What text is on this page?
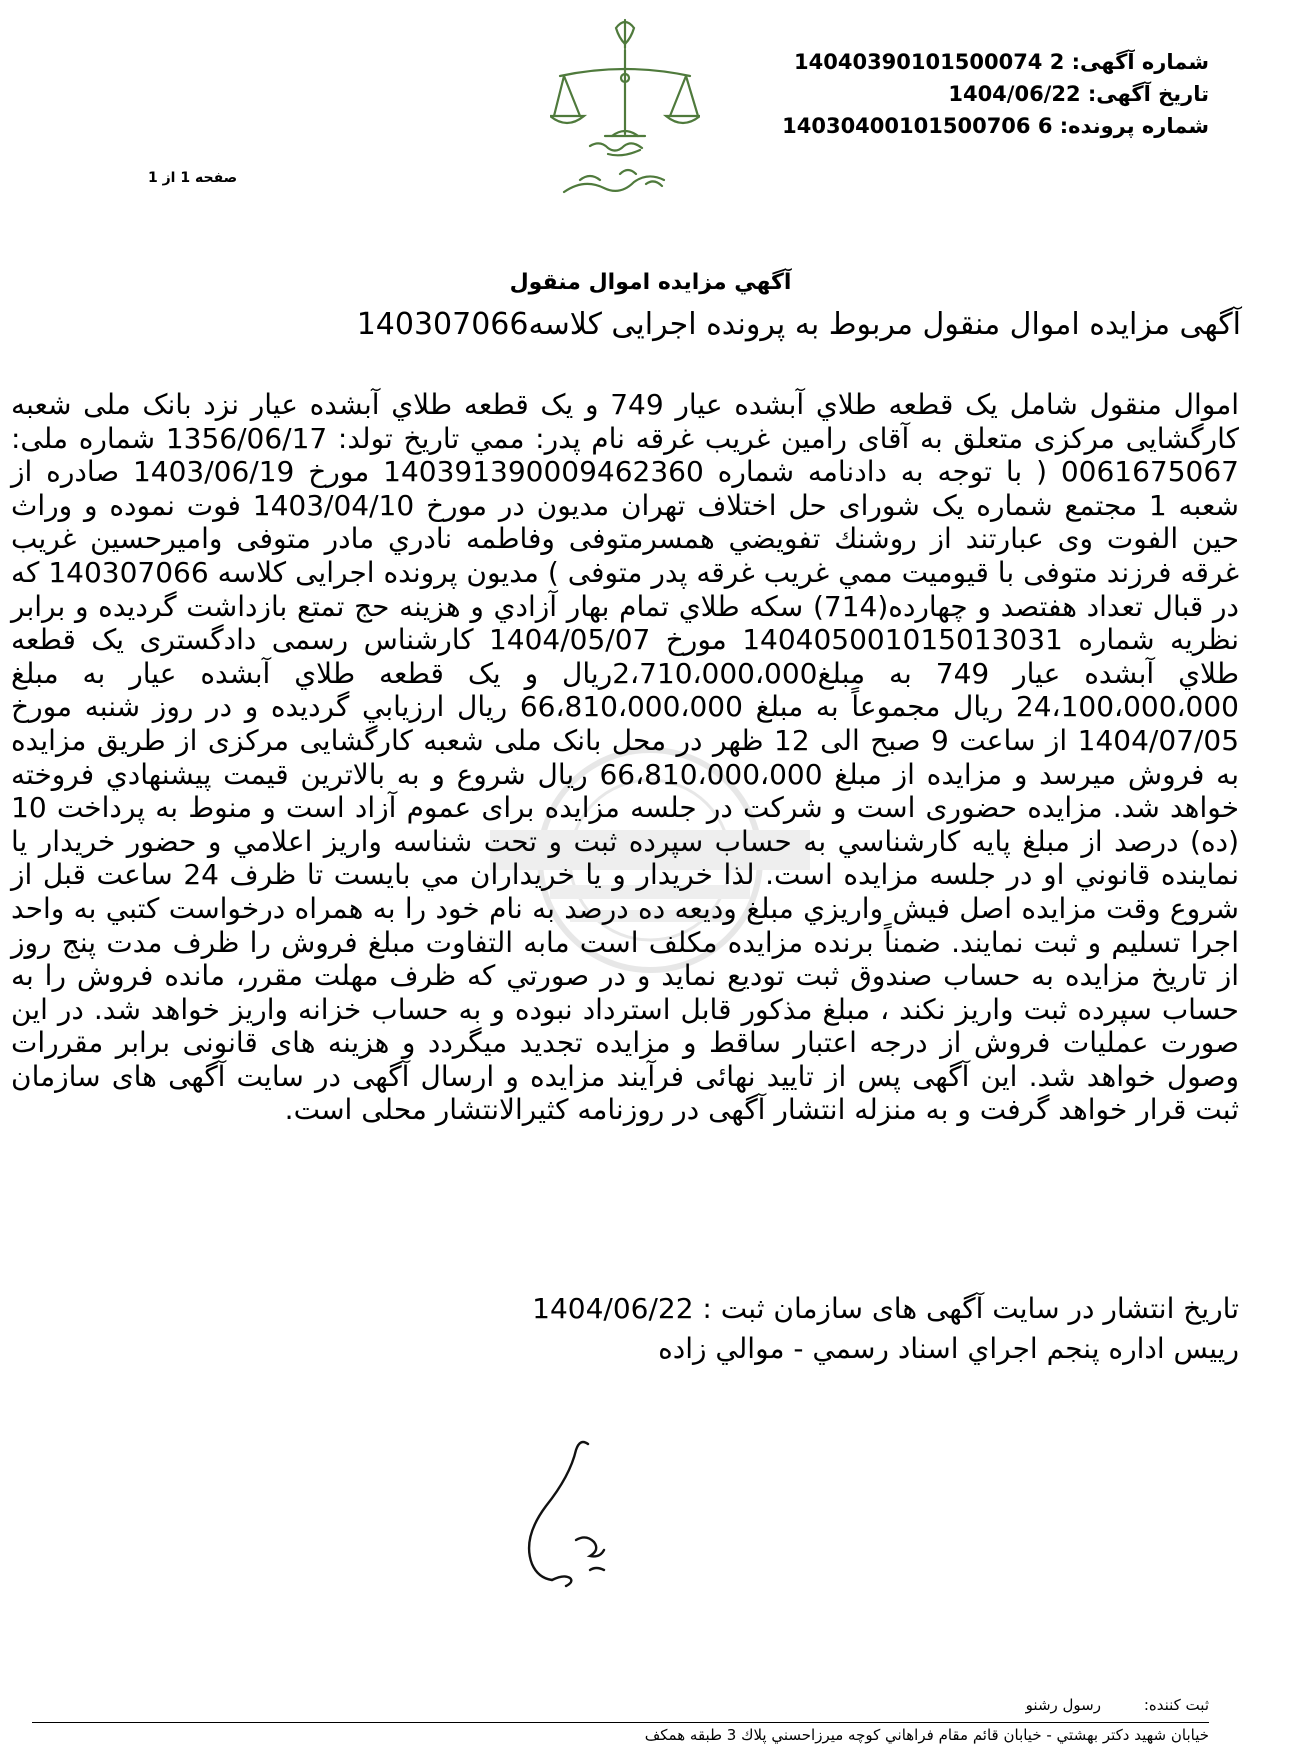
شماره آگهی: 14040390101500074 2
تاریخ آگهی: 1404/06/22
شماره پرونده: 14030400101500706 6
صفحه 1 از 1
آگهي مزايده اموال منقول
آگهی مزایده اموال منقول مربوط به پرونده اجرایی کلاسه140307066
اموال منقول شامل یک قطعه طلاي آبشده عيار 749 و یک قطعه طلاي آبشده عيار نزد بانک ملی شعبه کارگشایی مرکزی متعلق به آقای رامين غريب غرقه نام پدر: ممي تاریخ تولد: 1356/06/17 شماره ملی: 0061675067 ( با توجه به دادنامه شماره 140391390009462360 مورخ 1403/06/19 صادره از شعبه 1 مجتمع شماره یک شورای حل اختلاف تهران مدیون در مورخ 1403/04/10 فوت نموده و وراث حين الفوت وی عبارتند از روشنك تفويضي همسرمتوفی وفاطمه نادري مادر متوفی واميرحسين غريب غرقه فرزند متوفی با قیومیت ممي غريب غرقه پدر متوفی ) مدیون پرونده اجرایی کلاسه 140307066 که در قبال تعداد هفتصد و چهارده(714) سكه طلاي تمام بهار آزادي و هزينه حج تمتع بازداشت گردیده و برابر نظریه شماره 140405001015013031 مورخ 1404/05/07 کارشناس رسمی دادگستری یک قطعه طلاي آبشده عيار 749 به مبلغ2،710،000،000ريال و یک قطعه طلاي آبشده عيار به مبلغ 24،100،000،000 ريال مجموعاً به مبلغ 66،810،000،000 ريال ارزيابي گرديده و در روز شنبه مورخ 1404/07/05 از ساعت 9 صبح الی 12 ظهر در محل بانک ملی شعبه کارگشایی مرکزی از طریق مزایده به فروش ميرسد و مزایده از مبلغ 66،810،000،000 ريال شروع و به بالاترين قيمت پيشنهادي فروخته خواهد شد. مزايده حضوری است و شرکت در جلسه مزايده برای عموم آزاد است و منوط به پرداخت 10 (ده) درصد از مبلغ پايه كارشناسي به حساب سپرده ثبت و تحت شناسه واريز اعلامي و حضور خريدار يا نماينده قانوني او در جلسه مزايده است. لذا خريدار و يا خريداران مي بايست تا ظرف 24 ساعت قبل از شروع وقت مزايده اصل فيش واريزي مبلغ وديعه ده درصد به نام خود را به همراه درخواست كتبي به واحد اجرا تسليم و ثبت نمايند. ضمناً برنده مزایده مکلف است مابه التفاوت مبلغ فروش را ظرف مدت پنج روز از تاريخ مزايده به حساب صندوق ثبت توديع نمايد و در صورتي كه ظرف مهلت مقرر، مانده فروش را به حساب سپرده ثبت واريز نكند ، مبلغ مذکور قابل استرداد نبوده و به حساب خزانه واريز خواهد شد. در این صورت عملیات فروش از درجه اعتبار ساقط و مزایده تجدید میگردد و هزینه های قانونی برابر مقررات وصول خواهد شد. این آگهی پس از تایید نهائی فرآیند مزایده و ارسال آگهی در سایت آگهی های سازمان ثبت قرار خواهد گرفت و به منزله انتشار آگهی در روزنامه کثیرالانتشار محلی است.
تاریخ انتشار در سایت آگهی های سازمان ثبت : 1404/06/22
رييس اداره پنجم اجراي اسناد رسمي - موالي زاده
ثبت کننده:
رسول رشنو
خيابان شهيد دكتر بهشتي - خيابان قائم مقام فراهاني كوچه ميرزاحسني پلاك 3 طبقه همكف
